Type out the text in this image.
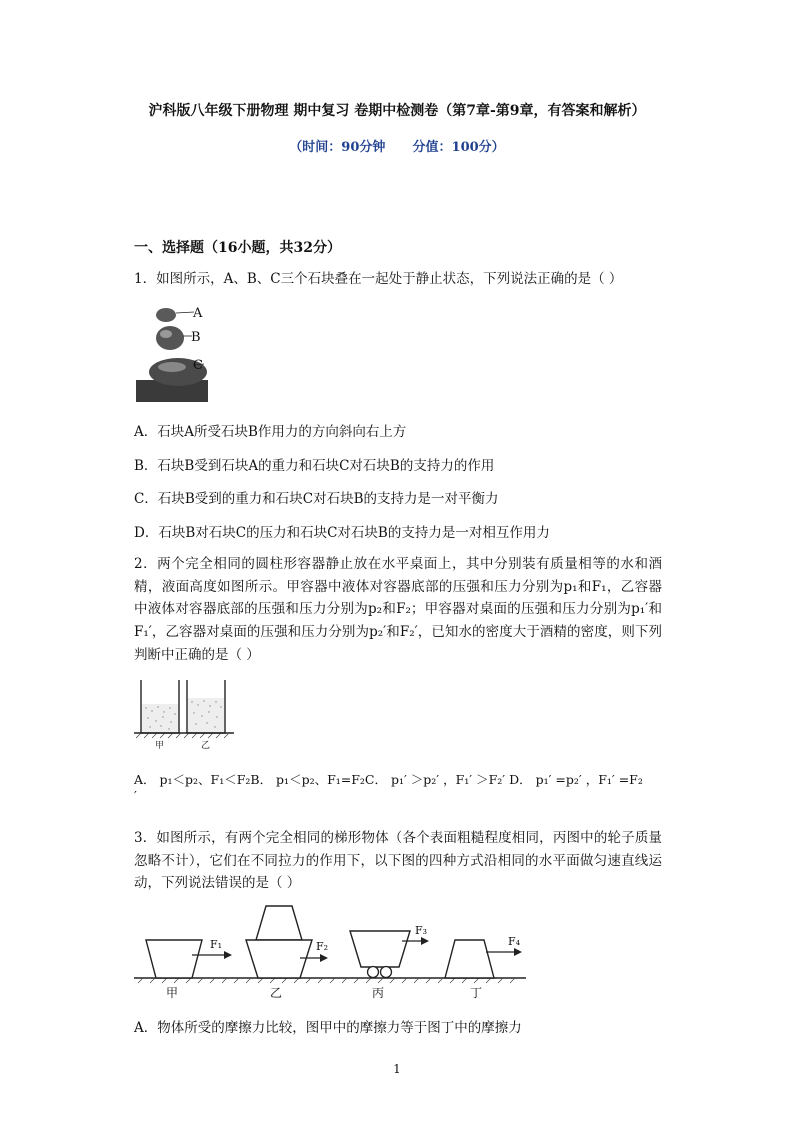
沪科版八年级下册物理 期中复习 卷期中检测卷（第7章-第9章，有答案和解析）
（时间：90分钟      分值：100分）
一、选择题（16小题，共32分）
1．如图所示，A、B、C三个石块叠在一起处于静止状态，下列说法正确的是（ ）
A
B
C
A．石块A所受石块B作用力的方向斜向右上方
B．石块B受到石块A的重力和石块C对石块B的支持力的作用
C．石块B受到的重力和石块C对石块B的支持力是一对平衡力
D．石块B对石块C的压力和石块C对石块B的支持力是一对相互作用力
2．两个完全相同的圆柱形容器静止放在水平桌面上，其中分别装有质量相等的水和酒精，液面高度如图所示。甲容器中液体对容器底部的压强和压力分别为p₁和F₁，乙容器中液体对容器底部的压强和压力分别为p₂和F₂；甲容器对桌面的压强和压力分别为p₁′和F₁′，乙容器对桌面的压强和压力分别为p₂′和F₂′，已知水的密度大于酒精的密度，则下列判断中正确的是（ ）
甲	乙
A． p₁＜p₂、F₁＜F₂B． p₁＜p₂、F₁=F₂C． p₁′ ＞p₂′ ，F₁′ ＞F₂′ D． p₁′ =p₂′ ，F₁′ =F₂
′
3．如图所示，有两个完全相同的梯形物体（各个表面粗糙程度相同，丙图中的轮子质量忽略不计），它们在不同拉力的作用下，以下图的四种方式沿相同的水平面做匀速直线运动，下列说法错误的是（ ）
F₁	F₂
F₃
F₄
甲	乙	丙	丁
A．物体所受的摩擦力比较，图甲中的摩擦力等于图丁中的摩擦力
1
